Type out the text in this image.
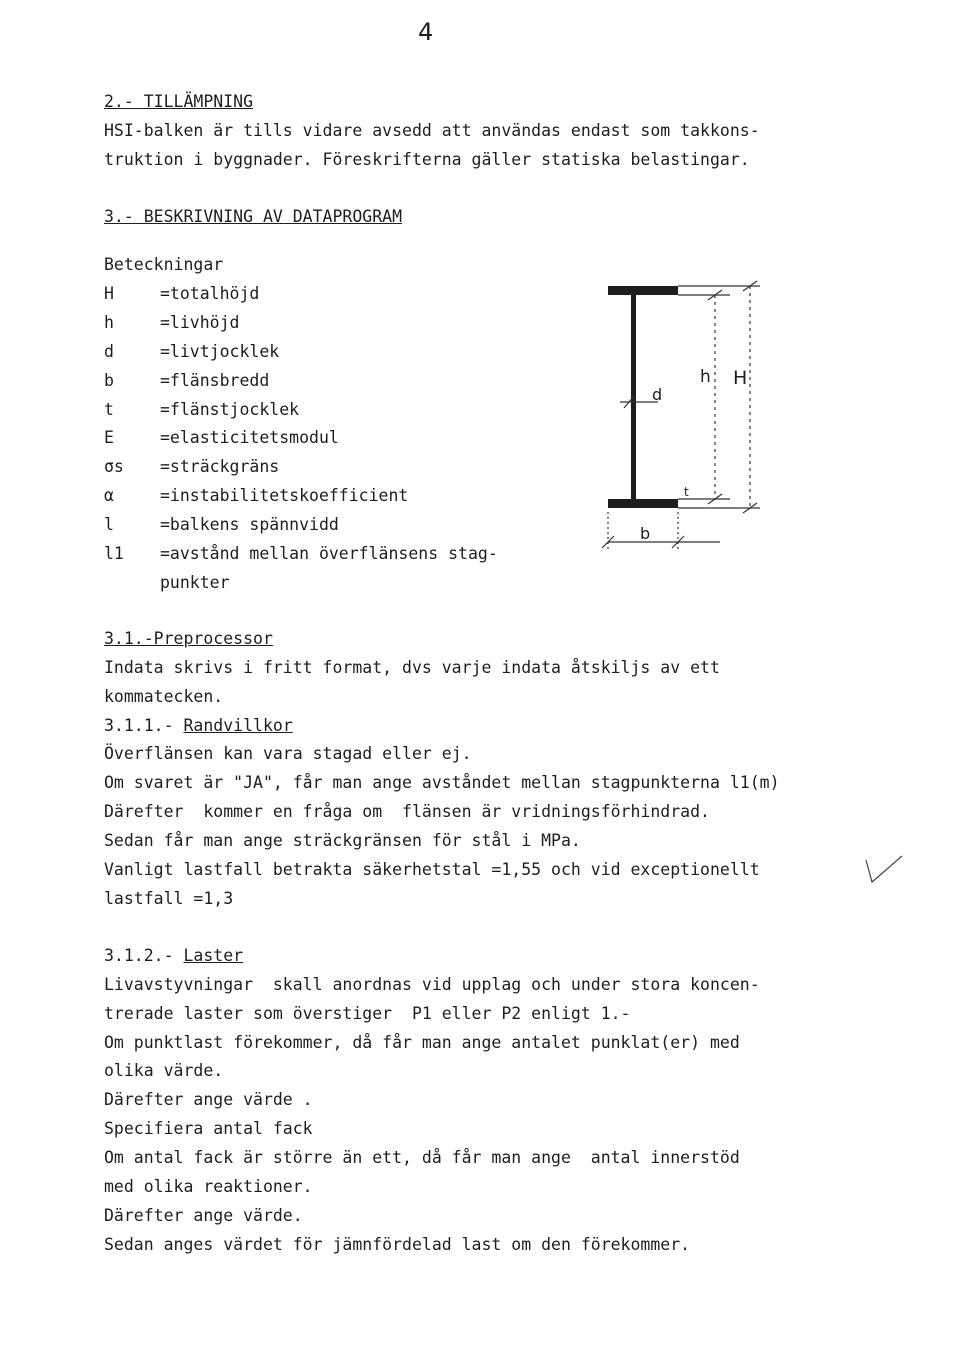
4
2.- TILLÄMPNING
HSI-balken är tills vidare avsedd att användas endast som takkons-
truktion i byggnader. Föreskrifterna gäller statiska belastingar.
3.- BESKRIVNING AV DATAPROGRAM
Beteckningar
H	=totalhöjd
h	=livhöjd
d	=livtjocklek
b	=flänsbredd
t	=flänstjocklek
E	=elasticitetsmodul
σs =sträckgräns
α	=instabilitetskoefficient
l	=balkens spännvidd
l1 =avstånd mellan överflänsens stag-
punkter
h H
d
t
b
3.1.-Preprocessor
Indata skrivs i fritt format, dvs varje indata åtskiljs av ett
kommatecken.
3.1.1.- Randvillkor
Överflänsen kan vara stagad eller ej.
Om svaret är "JA", får man ange avståndet mellan stagpunkterna l1(m)
Därefter  kommer en fråga om  flänsen är vridningsförhindrad.
Sedan får man ange sträckgränsen för stål i MPa.
Vanligt lastfall betrakta säkerhetstal =1,55 och vid exceptionellt
lastfall =1,3
3.1.2.- Laster
Livavstyvningar  skall anordnas vid upplag och under stora koncen-
trerade laster som överstiger  P1 eller P2 enligt 1.-
Om punktlast förekommer, då får man ange antalet punklat(er) med
olika värde.
Därefter ange värde .
Specifiera antal fack
Om antal fack är större än ett, då får man ange  antal innerstöd
med olika reaktioner.
Därefter ange värde.
Sedan anges värdet för jämnfördelad last om den förekommer.
